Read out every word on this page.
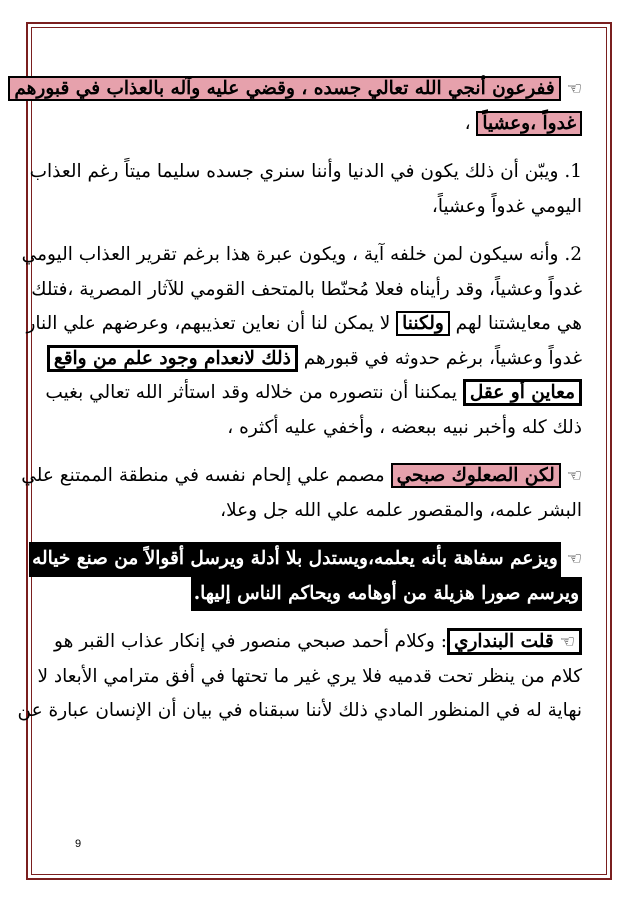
☜ففرعون أنجي الله تعالي جسده ، وقضي عليه وآله بالعذاب في قبورهم
غدواً ،وعشياً ،
1. ويبّن أن ذلك يكون في الدنيا وأننا سنري جسده سليما ميتاً رغم العذاب
اليومي غدواً وعشياً،
2. وأنه سيكون لمن خلفه آية ، ويكون عبرة هذا برغم تقرير العذاب اليومي
غدواً وعشياً، وقد رأيناه فعلا مُحنّطا بالمتحف القومي للآثار المصرية ،فتلك
هي معايشتنا لهم ولكننا لا يمكن لنا أن نعاين تعذيبهم، وعرضهم علي النار
غدواً وعشياً، برغم حدوثه في قبورهم ذلك لانعدام وجود علم من واقع
معاين أو عقل يمكننا أن نتصوره من خلاله وقد استأثر الله تعالي بغيب
ذلك كله وأخبر نبيه ببعضه ، وأخفي عليه أكثره ،
☜لكن الصعلوك صبحي مصمم علي إلحام نفسه في منطقة الممتنع علي
البشر علمه، والمقصور علمه علي الله جل وعلا،
☜ويزعم سفاهة بأنه يعلمه،ويستدل بلا أدلة ويرسل أقوالاً من صنع خياله
ويرسم صورا هزيلة من أوهامه ويحاكم الناس إليها.
☜قلت البنداري: وكلام أحمد صبحي منصور في إنكار عذاب القبر هو
كلام من ينظر تحت قدميه فلا يري غير ما تحتها في أفق مترامي الأبعاد لا
نهاية له في المنظور المادي ذلك لأننا سبقناه في بيان أن الإنسان عبارة عن
9
